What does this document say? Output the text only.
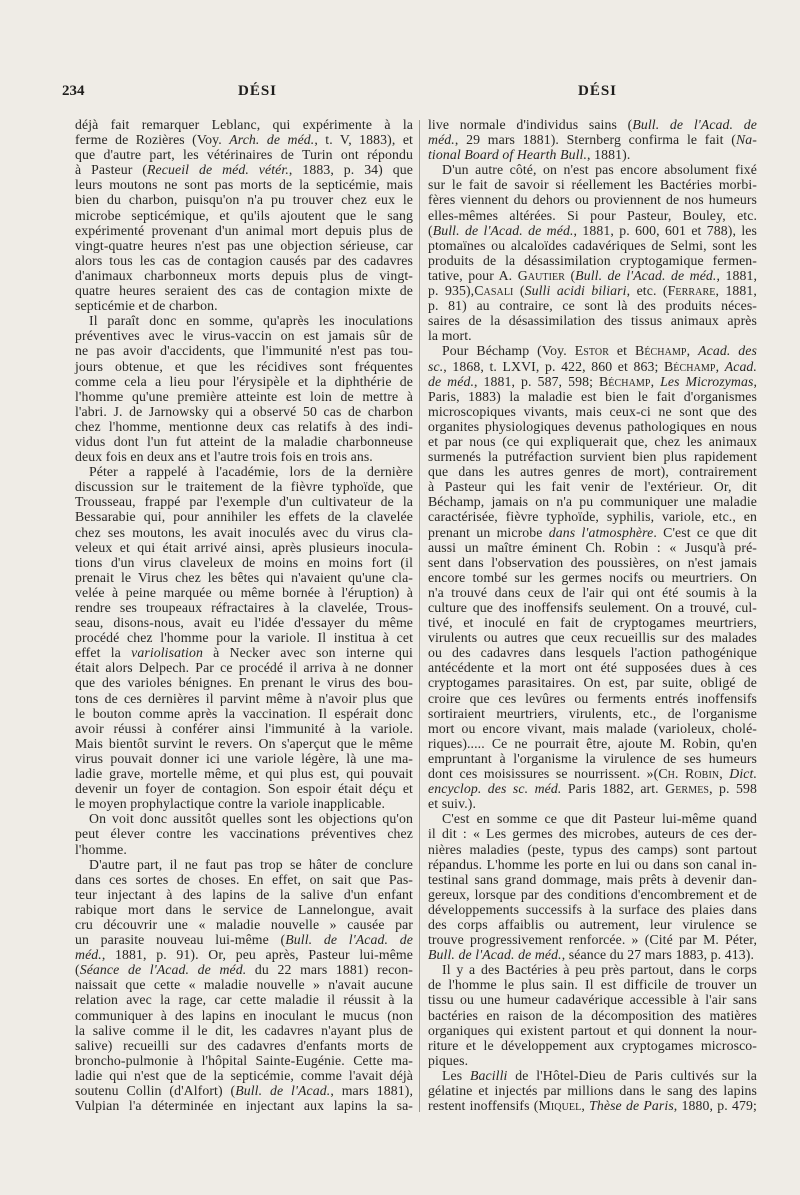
234	DÉSI	DÉSI
déjà fait remarquer Leblanc, qui expérimente à la
ferme de Rozières (Voy. Arch. de méd., t. V, 1883), et
que d'autre part, les vétérinaires de Turin ont répondu
à Pasteur (Recueil de méd. vétér., 1883, p. 34) que
leurs moutons ne sont pas morts de la septicémie, mais
bien du charbon, puisqu'on n'a pu trouver chez eux le
microbe septicémique, et qu'ils ajoutent que le sang
expérimenté provenant d'un animal mort depuis plus de
vingt-quatre heures n'est pas une objection sérieuse, car
alors tous les cas de contagion causés par des cadavres
d'animaux charbonneux morts depuis plus de vingt-
quatre heures seraient des cas de contagion mixte de
septicémie et de charbon.
Il paraît donc en somme, qu'après les inoculations
préventives avec le virus-vaccin on est jamais sûr de
ne pas avoir d'accidents, que l'immunité n'est pas tou-
jours obtenue, et que les récidives sont fréquentes
comme cela a lieu pour l'érysipèle et la diphthérie de
l'homme qu'une première atteinte est loin de mettre à
l'abri. J. de Jarnowsky qui a observé 50 cas de charbon
chez l'homme, mentionne deux cas relatifs à des indi-
vidus dont l'un fut atteint de la maladie charbonneuse
deux fois en deux ans et l'autre trois fois en trois ans.
Péter a rappelé à l'académie, lors de la dernière
discussion sur le traitement de la fièvre typhoïde, que
Trousseau, frappé par l'exemple d'un cultivateur de la
Bessarabie qui, pour annihiler les effets de la clavelée
chez ses moutons, les avait inoculés avec du virus cla-
veleux et qui était arrivé ainsi, après plusieurs inocula-
tions d'un virus claveleux de moins en moins fort (il
prenait le Virus chez les bêtes qui n'avaient qu'une cla-
velée à peine marquée ou même bornée à l'éruption) à
rendre ses troupeaux réfractaires à la clavelée, Trous-
seau, disons-nous, avait eu l'idée d'essayer du même
procédé chez l'homme pour la variole. Il institua à cet
effet la variolisation à Necker avec son interne qui
était alors Delpech. Par ce procédé il arriva à ne donner
que des varioles bénignes. En prenant le virus des bou-
tons de ces dernières il parvint même à n'avoir plus que
le bouton comme après la vaccination. Il espérait donc
avoir réussi à conférer ainsi l'immunité à la variole.
Mais bientôt survint le revers. On s'aperçut que le même
virus pouvait donner ici une variole légère, là une ma-
ladie grave, mortelle même, et qui plus est, qui pouvait
devenir un foyer de contagion. Son espoir était déçu et
le moyen prophylactique contre la variole inapplicable.
On voit donc aussitôt quelles sont les objections qu'on
peut élever contre les vaccinations préventives chez
l'homme.
D'autre part, il ne faut pas trop se hâter de conclure
dans ces sortes de choses. En effet, on sait que Pas-
teur injectant à des lapins de la salive d'un enfant
rabique mort dans le service de Lannelongue, avait
cru découvrir une « maladie nouvelle » causée par
un parasite nouveau lui-même (Bull. de l'Acad. de
méd., 1881, p. 91). Or, peu après, Pasteur lui-même
(Séance de l'Acad. de méd. du 22 mars 1881) recon-
naissait que cette « maladie nouvelle » n'avait aucune
relation avec la rage, car cette maladie il réussit à la
communiquer à des lapins en inoculant le mucus (non
la salive comme il le dit, les cadavres n'ayant plus de
salive) recueilli sur des cadavres d'enfants morts de
broncho-pulmonie à l'hôpital Sainte-Eugénie. Cette ma-
ladie qui n'est que de la septicémie, comme l'avait déjà
soutenu Collin (d'Alfort) (Bull. de l'Acad., mars 1881),
Vulpian l'a déterminée en injectant aux lapins la sa-
live normale d'individus sains (Bull. de l'Acad. de
méd., 29 mars 1881). Sternberg confirma le fait (Na-
tional Board of Hearth Bull., 1881).
D'un autre côté, on n'est pas encore absolument fixé
sur le fait de savoir si réellement les Bactéries morbi-
fères viennent du dehors ou proviennent de nos humeurs
elles-mêmes altérées. Si pour Pasteur, Bouley, etc.
(Bull. de l'Acad. de méd., 1881, p. 600, 601 et 788), les
ptomaïnes ou alcaloïdes cadavériques de Selmi, sont les
produits de la désassimilation cryptogamique fermen-
tative, pour A. Gautier (Bull. de l'Acad. de méd., 1881,
p. 935),Casali (Sulli acidi biliari, etc. (Ferrare, 1881,
p. 81) au contraire, ce sont là des produits néces-
saires de la désassimilation des tissus animaux après
la mort.
Pour Béchamp (Voy. Estor et Béchamp, Acad. des
sc., 1868, t. LXVI, p. 422, 860 et 863; Béchamp, Acad.
de méd., 1881, p. 587, 598; Béchamp, Les Microzymas,
Paris, 1883) la maladie est bien le fait d'organismes
microscopiques vivants, mais ceux-ci ne sont que des
organites physiologiques devenus pathologiques en nous
et par nous (ce qui expliquerait que, chez les animaux
surmenés la putréfaction survient bien plus rapidement
que dans les autres genres de mort), contrairement
à Pasteur qui les fait venir de l'extérieur. Or, dit
Béchamp, jamais on n'a pu communiquer une maladie
caractérisée, fièvre typhoïde, syphilis, variole, etc., en
prenant un microbe dans l'atmosphère. C'est ce que dit
aussi un maître éminent Ch. Robin : « Jusqu'à pré-
sent dans l'observation des poussières, on n'est jamais
encore tombé sur les germes nocifs ou meurtriers. On
n'a trouvé dans ceux de l'air qui ont été soumis à la
culture que des inoffensifs seulement. On a trouvé, cul-
tivé, et inoculé en fait de cryptogames meurtriers,
virulents ou autres que ceux recueillis sur des malades
ou des cadavres dans lesquels l'action pathogénique
antécédente et la mort ont été supposées dues à ces
cryptogames parasitaires. On est, par suite, obligé de
croire que ces levûres ou ferments entrés inoffensifs
sortiraient meurtriers, virulents, etc., de l'organisme
mort ou encore vivant, mais malade (varioleux, cholé-
riques)..... Ce ne pourrait être, ajoute M. Robin, qu'en
empruntant à l'organisme la virulence de ses humeurs
dont ces moisissures se nourrissent. »(Ch. Robin, Dict.
encyclop. des sc. méd. Paris 1882, art. Germes, p. 598
et suiv.).
C'est en somme ce que dit Pasteur lui-même quand
il dit : « Les germes des microbes, auteurs de ces der-
nières maladies (peste, typus des camps) sont partout
répandus. L'homme les porte en lui ou dans son canal in-
testinal sans grand dommage, mais prêts à devenir dan-
gereux, lorsque par des conditions d'encombrement et de
développements successifs à la surface des plaies dans
des corps affaiblis ou autrement, leur virulence se
trouve progressivement renforcée. » (Cité par M. Péter,
Bull. de l'Acad. de méd., séance du 27 mars 1883, p. 413).
Il y a des Bactéries à peu près partout, dans le corps
de l'homme le plus sain. Il est difficile de trouver un
tissu ou une humeur cadavérique accessible à l'air sans
bactéries en raison de la décomposition des matières
organiques qui existent partout et qui donnent la nour-
riture et le développement aux cryptogames microsco-
piques.
Les Bacilli de l'Hôtel-Dieu de Paris cultivés sur la
gélatine et injectés par millions dans le sang des lapins
restent inoffensifs (Miquel, Thèse de Paris, 1880, p. 479;
